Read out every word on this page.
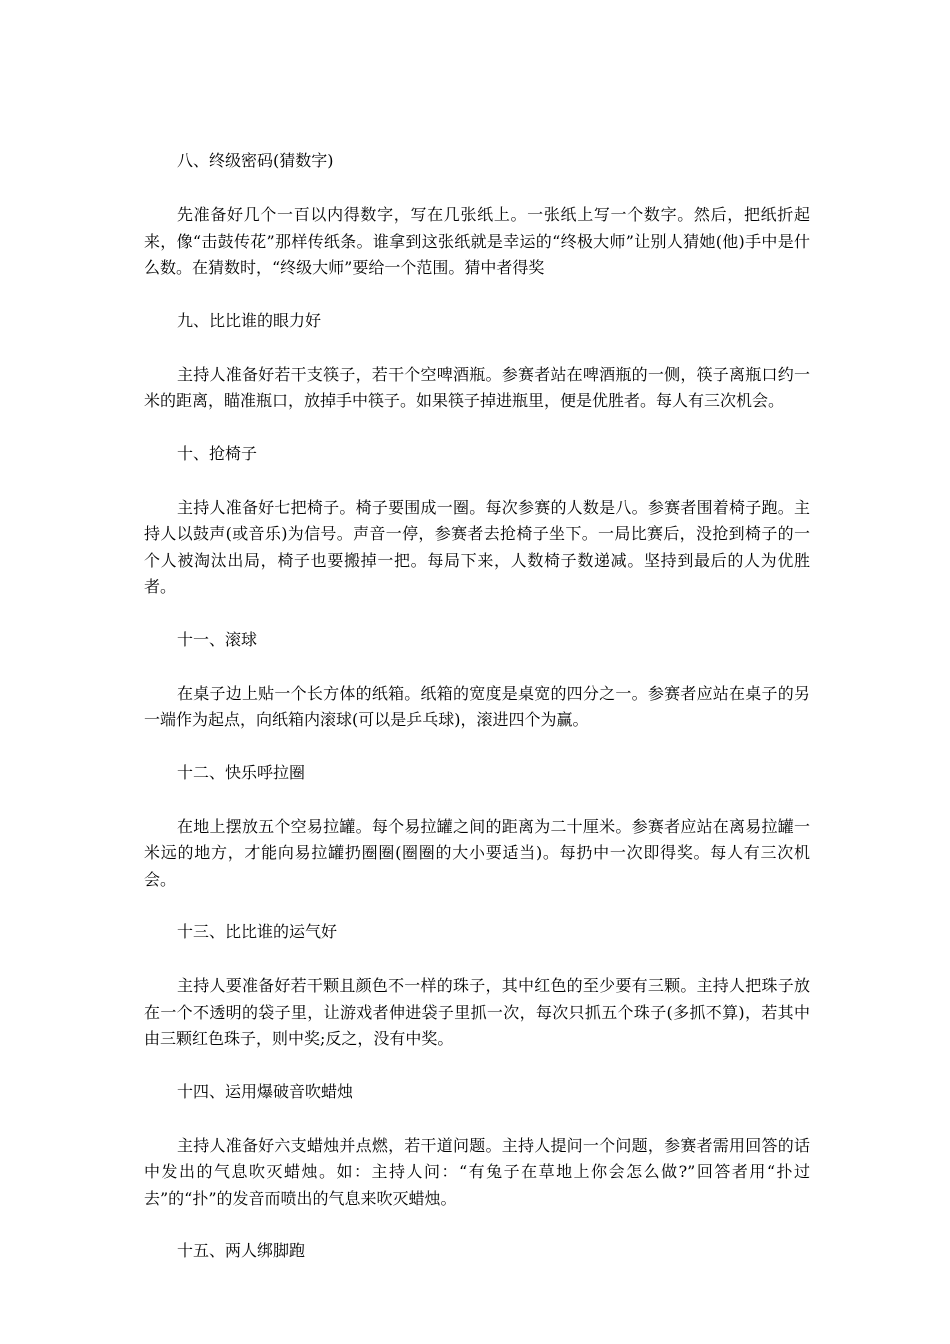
八、终级密码(猜数字)

先准备好几个一百以内得数字，写在几张纸上。一张纸上写一个数字。然后，把纸折起来，像“击鼓传花”那样传纸条。谁拿到这张纸就是幸运的“终极大师”让别人猜她(他)手中是什么数。在猜数时，“终级大师”要给一个范围。猜中者得奖

九、比比谁的眼力好

主持人准备好若干支筷子，若干个空啤酒瓶。参赛者站在啤酒瓶的一侧，筷子离瓶口约一米的距离，瞄准瓶口，放掉手中筷子。如果筷子掉进瓶里，便是优胜者。每人有三次机会。

十、抢椅子

主持人准备好七把椅子。椅子要围成一圈。每次参赛的人数是八。参赛者围着椅子跑。主持人以鼓声(或音乐)为信号。声音一停，参赛者去抢椅子坐下。一局比赛后，没抢到椅子的一个人被淘汰出局，椅子也要搬掉一把。每局下来，人数椅子数递减。坚持到最后的人为优胜者。

十一、滚球

在桌子边上贴一个长方体的纸箱。纸箱的宽度是桌宽的四分之一。参赛者应站在桌子的另一端作为起点，向纸箱内滚球(可以是乒乓球)，滚进四个为赢。

十二、快乐呼拉圈

在地上摆放五个空易拉罐。每个易拉罐之间的距离为二十厘米。参赛者应站在离易拉罐一米远的地方，才能向易拉罐扔圈圈(圈圈的大小要适当)。每扔中一次即得奖。每人有三次机会。

十三、比比谁的运气好

主持人要准备好若干颗且颜色不一样的珠子，其中红色的至少要有三颗。主持人把珠子放在一个不透明的袋子里，让游戏者伸进袋子里抓一次，每次只抓五个珠子(多抓不算)，若其中由三颗红色珠子，则中奖;反之，没有中奖。

十四、运用爆破音吹蜡烛

主持人准备好六支蜡烛并点燃，若干道问题。主持人提问一个问题，参赛者需用回答的话中发出的气息吹灭蜡烛。如：主持人问：“有兔子在草地上你会怎么做?”回答者用“扑过去”的“扑”的发音而喷出的气息来吹灭蜡烛。

十五、两人绑脚跑
